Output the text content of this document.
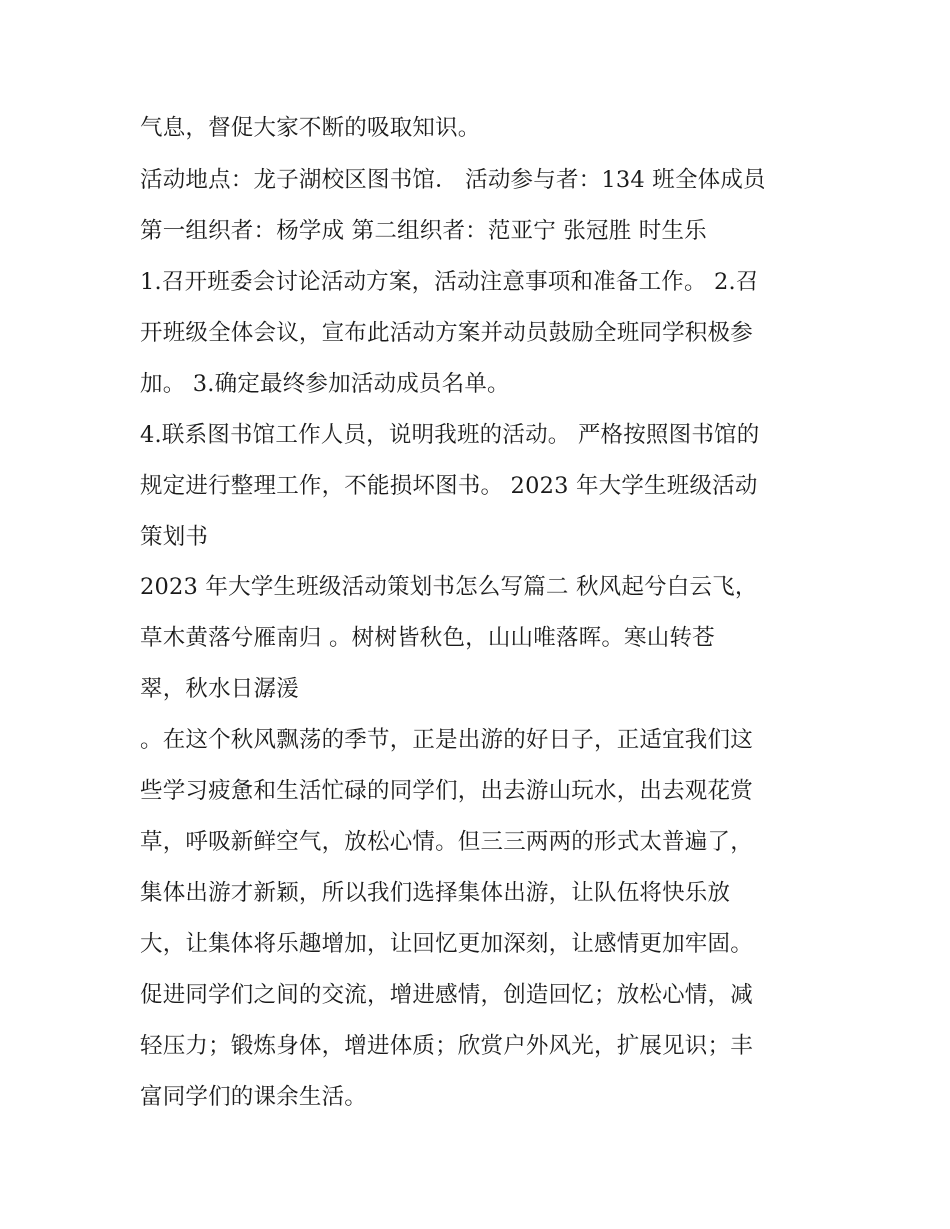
气息，督促大家不断的吸取知识。

活动地点：龙子湖校区图书馆． 活动参与者：134 班全体成员

第一组织者：杨学成 第二组织者：范亚宁 张冠胜 时生乐

1.召开班委会讨论活动方案，活动注意事项和准备工作。 2.召

开班级全体会议，宣布此活动方案并动员鼓励全班同学积极参

加。 3.确定最终参加活动成员名单。

4.联系图书馆工作人员，说明我班的活动。 严格按照图书馆的

规定进行整理工作，不能损坏图书。 2023 年大学生班级活动

策划书

2023 年大学生班级活动策划书怎么写篇二 秋风起兮白云飞，

草木黄落兮雁南归 。树树皆秋色，山山唯落晖。寒山转苍

翠，秋水日潺湲

。在这个秋风飘荡的季节，正是出游的好日子，正适宜我们这

些学习疲惫和生活忙碌的同学们，出去游山玩水，出去观花赏

草，呼吸新鲜空气，放松心情。但三三两两的形式太普遍了，

集体出游才新颖，所以我们选择集体出游，让队伍将快乐放

大，让集体将乐趣增加，让回忆更加深刻，让感情更加牢固。

促进同学们之间的交流，增进感情，创造回忆；放松心情，减

轻压力；锻炼身体，增进体质；欣赏户外风光，扩展见识；丰

富同学们的课余生活。
